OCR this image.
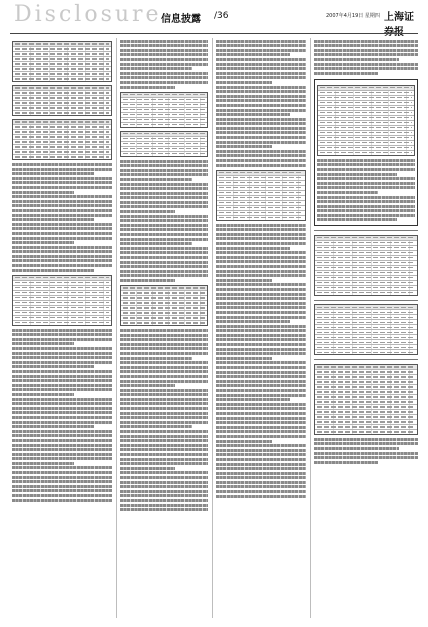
Disclosure 信息披露 /36	2007年4月19日 星期四 上海证
